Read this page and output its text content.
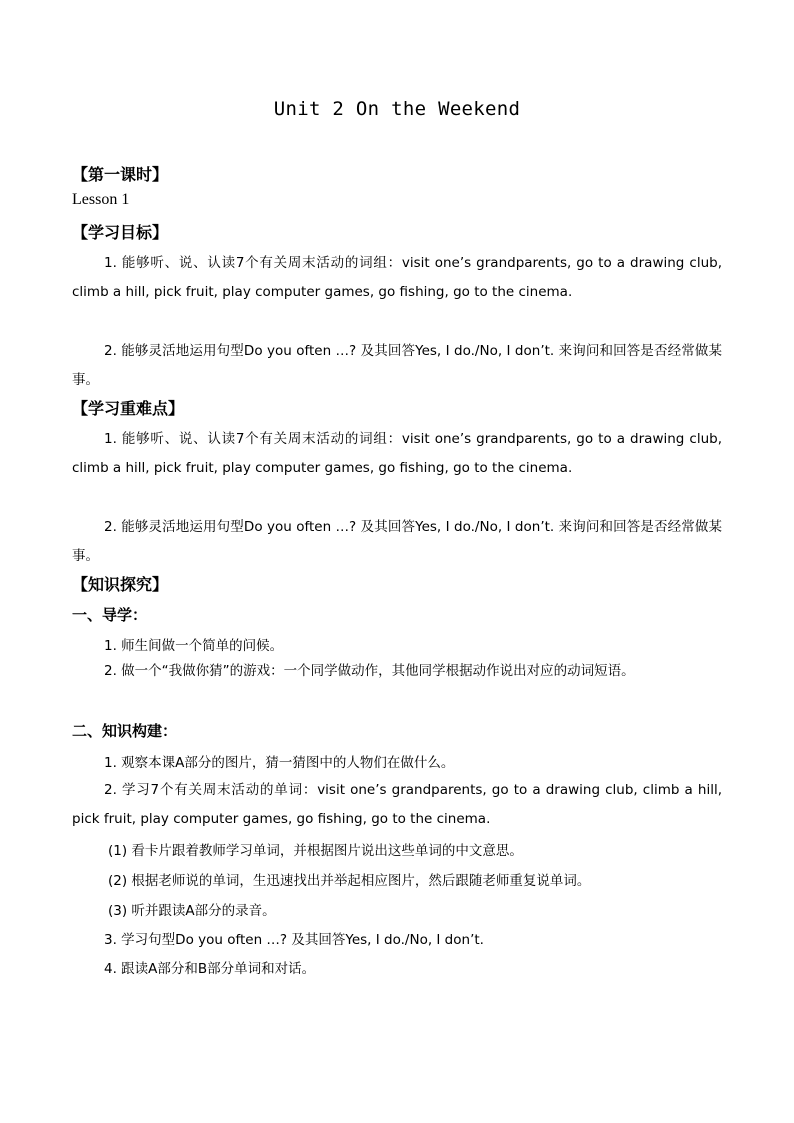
Unit 2 On the Weekend
【第一课时】
Lesson 1
【学习目标】
1. 能够听、说、认读7个有关周末活动的词组：visit one’s grandparents, go to a drawing club, climb a hill, pick fruit, play computer games, go fishing, go to the cinema.
2. 能够灵活地运用句型Do you often …? 及其回答Yes, I do./No, I don’t. 来询问和回答是否经常做某事。
【学习重难点】
1. 能够听、说、认读7个有关周末活动的词组：visit one’s grandparents, go to a drawing club, climb a hill, pick fruit, play computer games, go fishing, go to the cinema.
2. 能够灵活地运用句型Do you often …? 及其回答Yes, I do./No, I don’t. 来询问和回答是否经常做某事。
【知识探究】
一、导学：
1. 师生间做一个简单的问候。
2. 做一个“我做你猜”的游戏：一个同学做动作，其他同学根据动作说出对应的动词短语。
二、知识构建：
1. 观察本课A部分的图片，猜一猜图中的人物们在做什么。
2. 学习7个有关周末活动的单词：visit one’s grandparents, go to a drawing club, climb a hill, pick fruit, play computer games, go fishing, go to the cinema.
(1) 看卡片跟着教师学习单词，并根据图片说出这些单词的中文意思。
(2) 根据老师说的单词，生迅速找出并举起相应图片，然后跟随老师重复说单词。
(3) 听并跟读A部分的录音。
3. 学习句型Do you often …? 及其回答Yes, I do./No, I don’t.
4. 跟读A部分和B部分单词和对话。
